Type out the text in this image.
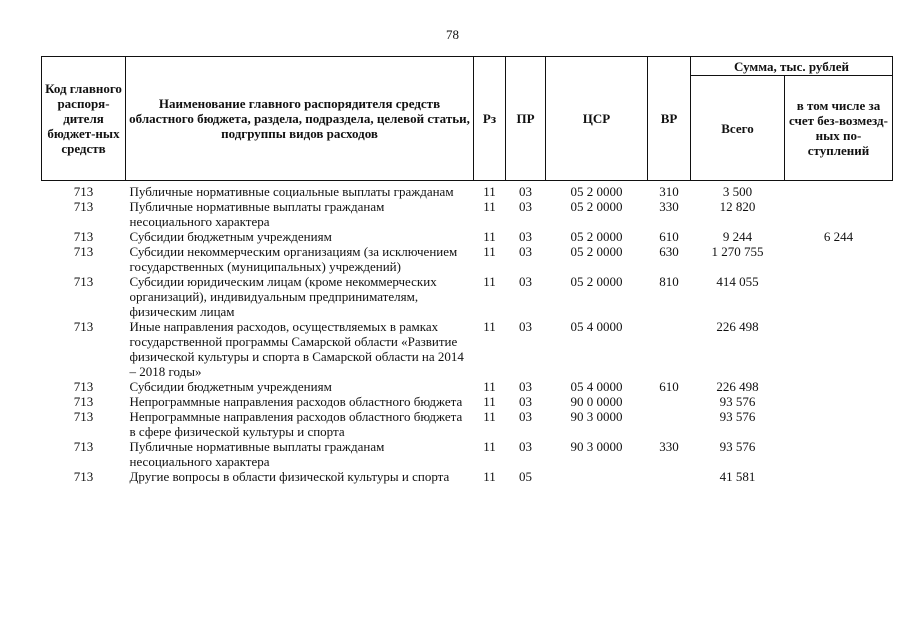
78
Код главного распоря-дителя бюджет-ных средств	Наименование главного распорядителя средств областного бюджета, раздела, подраздела, целевой статьи, подгруппы видов расходов	Рз	ПР	ЦСР	ВР	Сумма, тыс. рублей	
						Всего	в том числе за счет без-возмезд-ных по-ступлений
713	Публичные нормативные социальные выплаты гражданам	11	03	05 2 0000	310	3 500	
713	Публичные нормативные выплаты гражданам несоциального характера	11	03	05 2 0000	330	12 820	
713	Субсидии бюджетным учреждениям	11	03	05 2 0000	610	9 244	6 244
713	Субсидии некоммерческим организациям (за исключением государственных (муниципальных) учреждений)	11	03	05 2 0000	630	1 270 755	
713	Субсидии юридическим лицам (кроме некоммерческих организаций), индивидуальным предпринимателям, физическим лицам	11	03	05 2 0000	810	414 055	
713	Иные направления расходов, осуществляемых в рамках государственной программы Самарской области «Развитие физической культуры и спорта в Самарской области на 2014 – 2018 годы»	11	03	05 4 0000		226 498	
713	Субсидии бюджетным учреждениям	11	03	05 4 0000	610	226 498	
713	Непрограммные направления расходов областного бюджета	11	03	90 0 0000		93 576	
713	Непрограммные направления расходов областного бюджета в сфере физической культуры и спорта	11	03	90 3 0000		93 576	
713	Публичные нормативные выплаты гражданам несоциального характера	11	03	90 3 0000	330	93 576	
713	Другие вопросы в области физической культуры и спорта	11	05			41 581	
